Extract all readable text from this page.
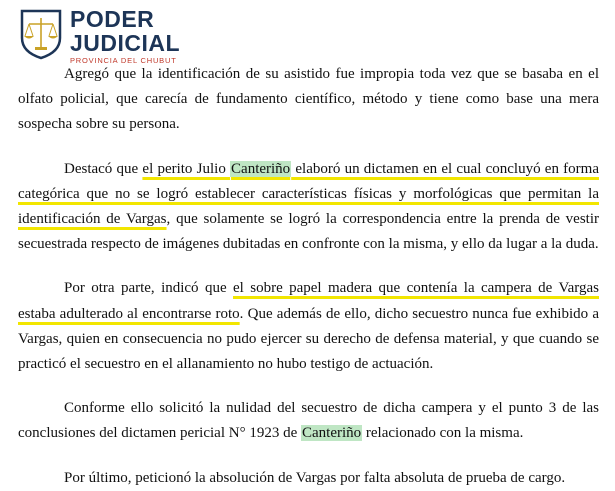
PODER
JUDICIAL
PROVINCIA DEL CHUBUT

Agregó que la identificación de su asistido fue impropia toda vez que se basaba en el olfato policial, que carecía de fundamento científico, método y tiene como base una mera sospecha sobre su persona.

Destacó que el perito Julio Canteriño elaboró un dictamen en el cual concluyó en forma categórica que no se logró establecer características físicas y morfológicas que permitan la identificación de Vargas, que solamente se logró la correspondencia entre la prenda de vestir secuestrada respecto de imágenes dubitadas en confronte con la misma, y ello da lugar a la duda.

Por otra parte, indicó que el sobre papel madera que contenía la campera de Vargas estaba adulterado al encontrarse roto. Que además de ello, dicho secuestro nunca fue exhibido a Vargas, quien en consecuencia no pudo ejercer su derecho de defensa material, y que cuando se practicó el secuestro en el allanamiento no hubo testigo de actuación.

Conforme ello solicitó la nulidad del secuestro de dicha campera y el punto 3 de las conclusiones del dictamen pericial N° 1923 de Canteriño relacionado con la misma.

Por último, peticionó la absolución de Vargas por falta absoluta de prueba de cargo.
